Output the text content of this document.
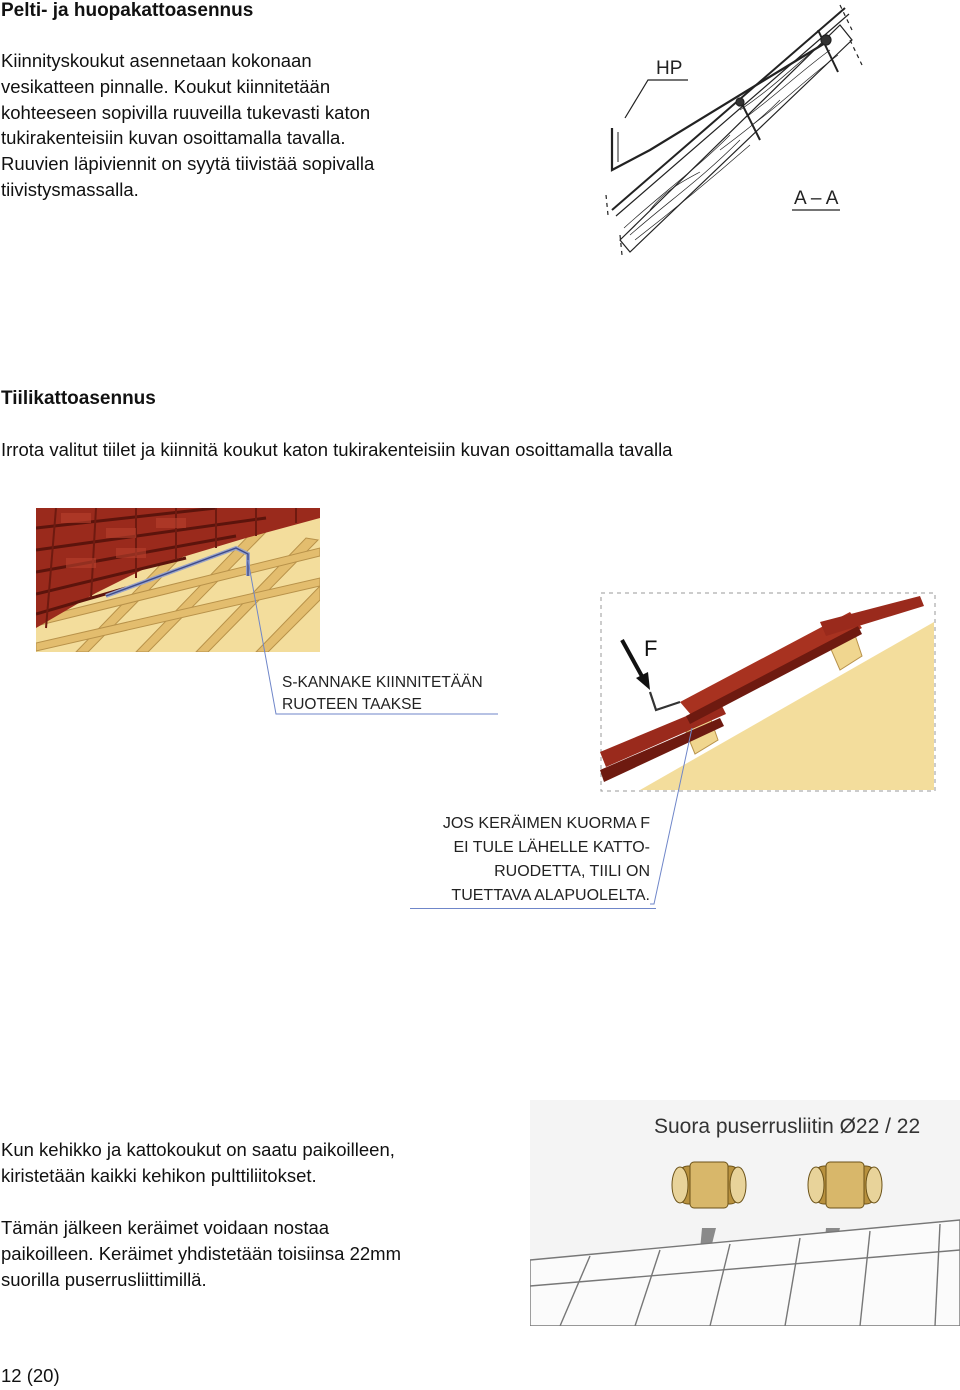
Pelti- ja huopakattoasennus
Kiinnityskoukut asennetaan kokonaan
vesikatteen pinnalle. Koukut kiinnitetään
kohteeseen sopivilla ruuveilla tukevasti katon
tukirakenteisiin kuvan osoittamalla tavalla.
Ruuvien läpiviennit on syytä tiivistää sopivalla
tiivistysmassalla.
HP
A – A
Tiilikattoasennus
Irrota valitut tiilet ja kiinnitä koukut katon tukirakenteisiin kuvan osoittamalla tavalla
S-KANNAKE KIINNITETÄÄN
RUOTEEN TAAKSE
F
JOS KERÄIMEN KUORMA F
EI TULE LÄHELLE KATTO-
RUODETTA, TIILI ON
TUETTAVA ALAPUOLELTA.
Kun kehikko ja kattokoukut on saatu paikoilleen,
kiristetään kaikki kehikon pulttiliitokset.
Tämän jälkeen keräimet voidaan nostaa
paikoilleen. Keräimet yhdistetään toisiinsa 22mm
suorilla puserrusliittimillä.
Suora puserrusliitin Ø22 / 22
12 (20)
